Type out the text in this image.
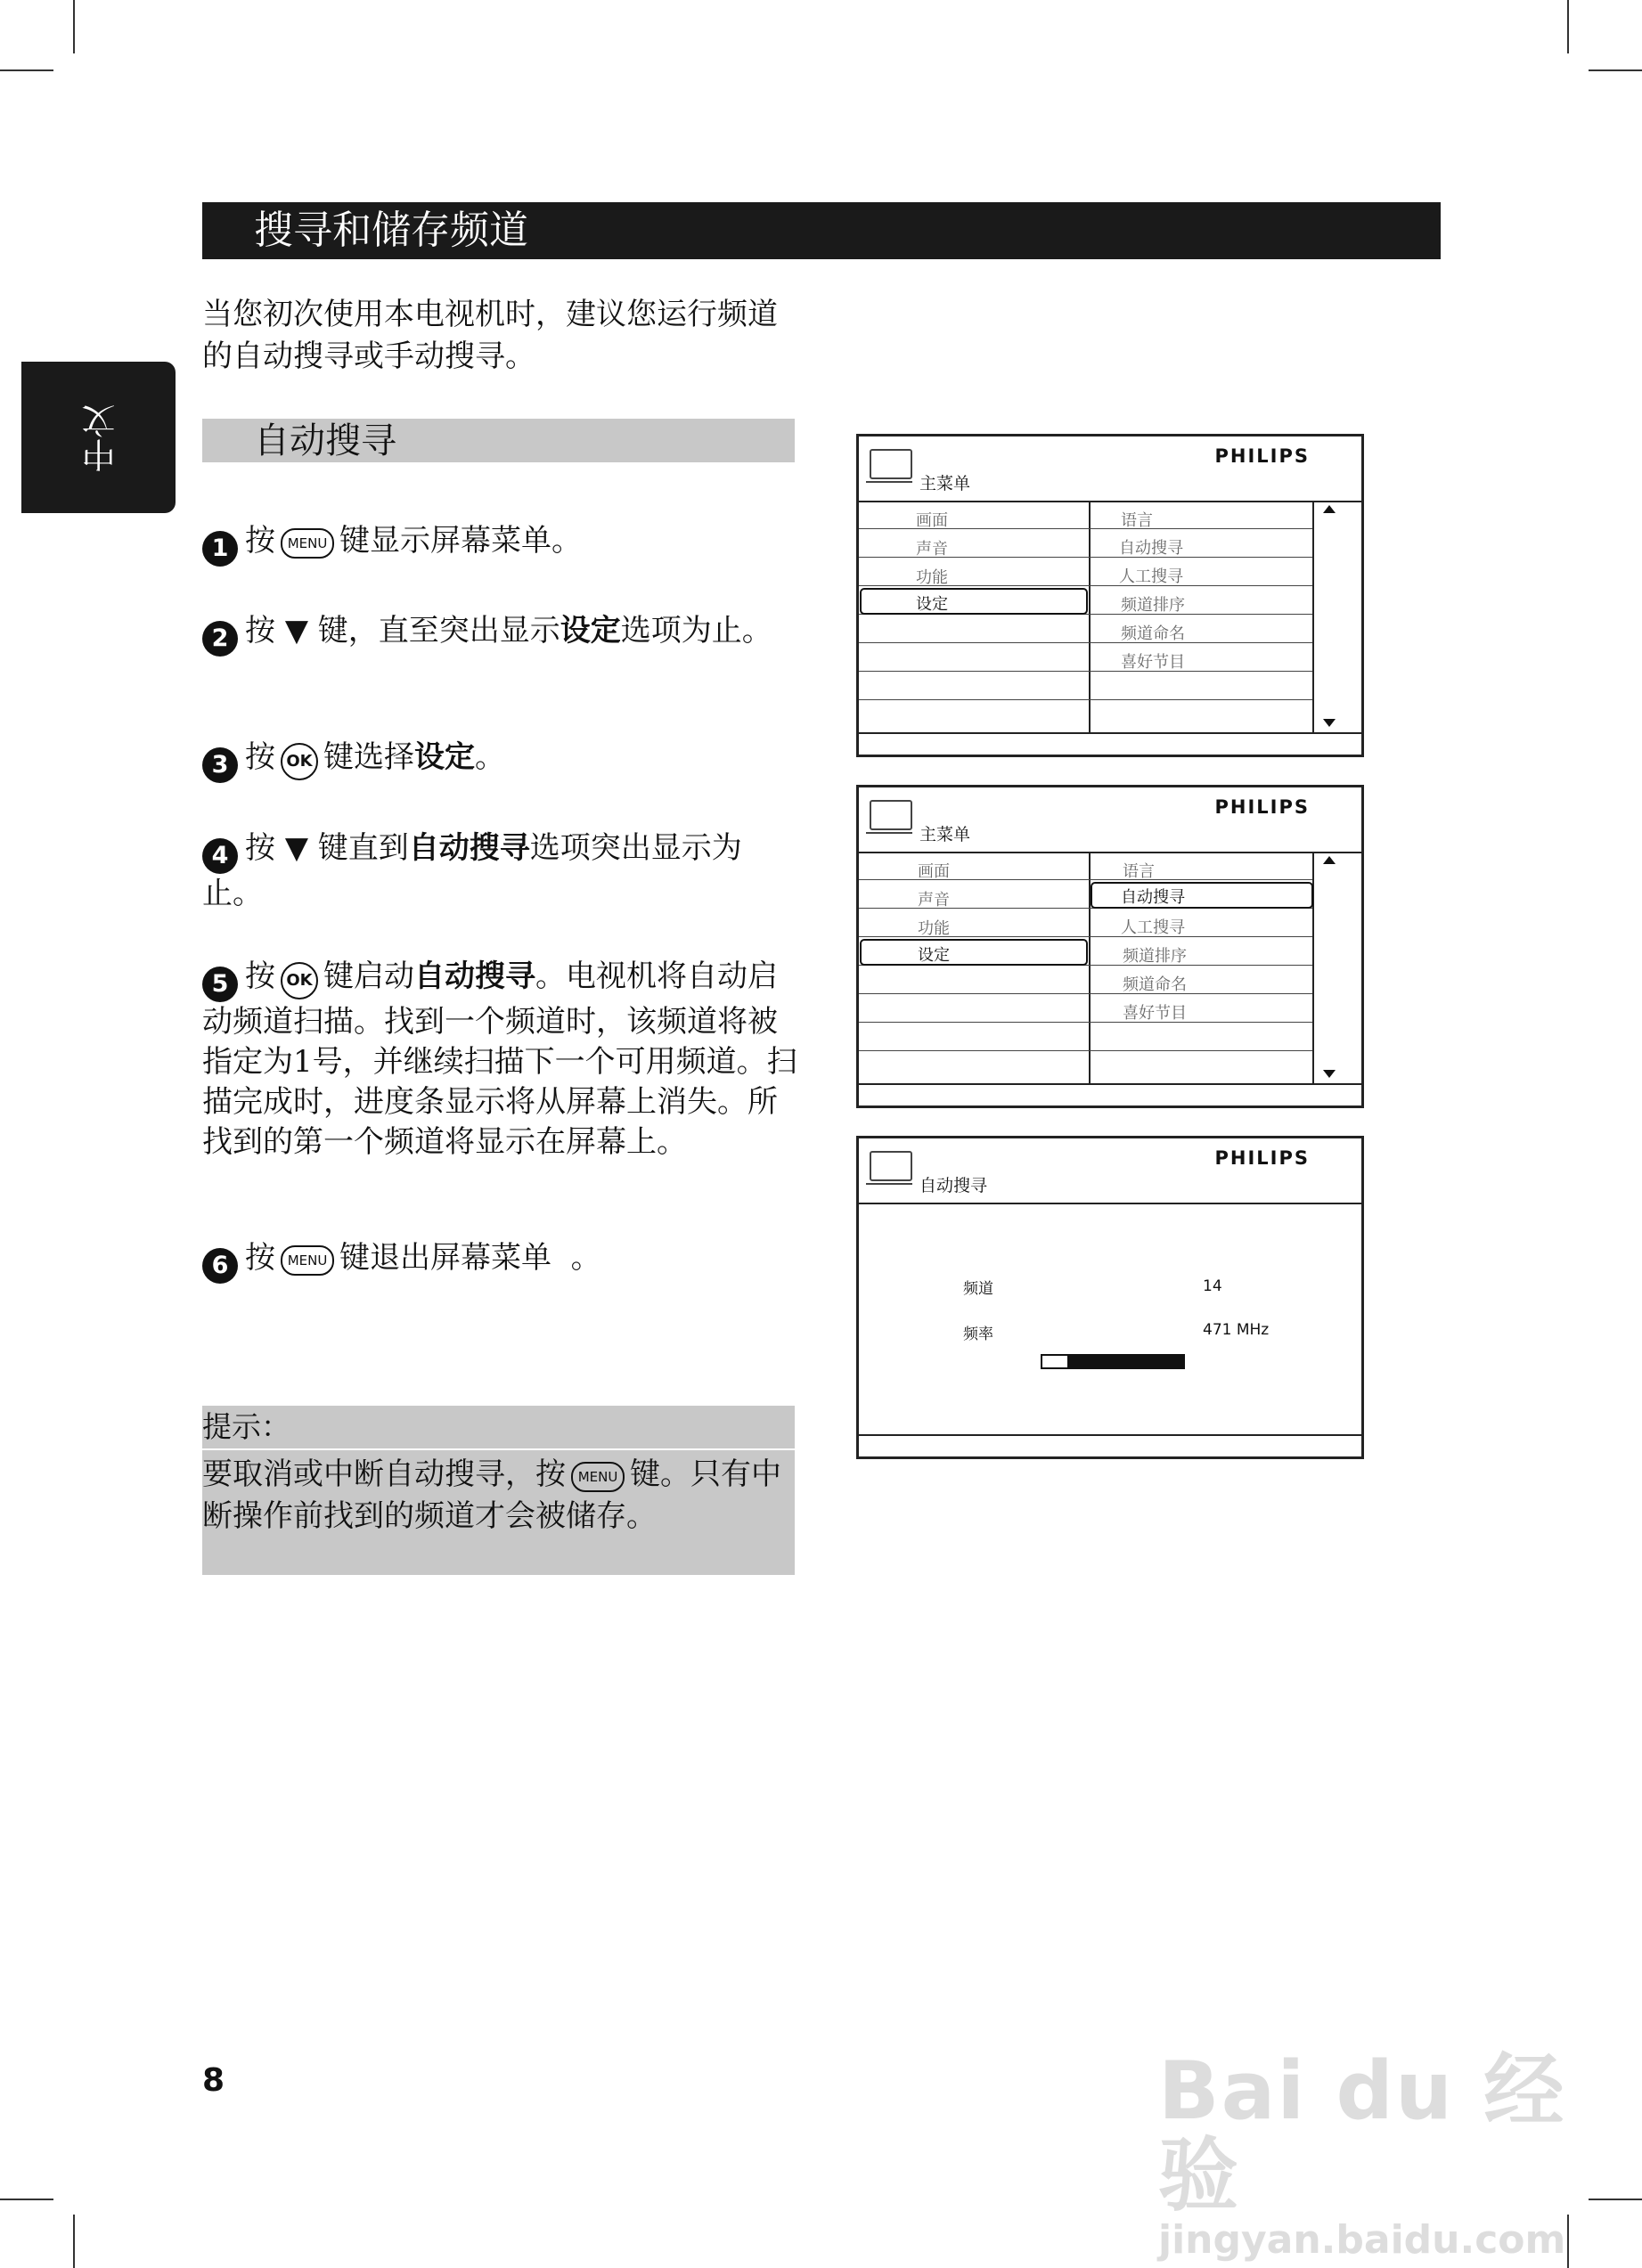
搜寻和储存频道
中文
当您初次使用本电视机时，建议您运行频道的自动搜寻或手动搜寻。
自动搜寻
1 按 MENU 键显示屏幕菜单。
2 按 ▼ 键，直至突出显示设定选项为止。
3 按 OK 键选择设定。
4 按 ▼ 键直到自动搜寻选项突出显示为止。
5 按 OK 键启动自动搜寻。电视机将自动启动频道扫描。找到一个频道时，该频道将被指定为1号，并继续扫描下一个可用频道。扫描完成时，进度条显示将从屏幕上消失。所找到的第一个频道将显示在屏幕上。
6 按 MENU 键退出屏幕菜单 。
提示：
要取消或中断自动搜寻，按 MENU 键。只有中断操作前找到的频道才会被储存。
8	Bai du 经验
jingyan.baidu.com
PHILIPS
主菜单
画面
声音
功能
设定
语言
自动搜寻
人工搜寻
频道排序
频道命名
喜好节目
PHILIPS
主菜单
画面
声音
功能
设定
语言
自动搜寻
人工搜寻
频道排序
频道命名
喜好节目
PHILIPS
自动搜寻
频道	14
频率	471 MHz
